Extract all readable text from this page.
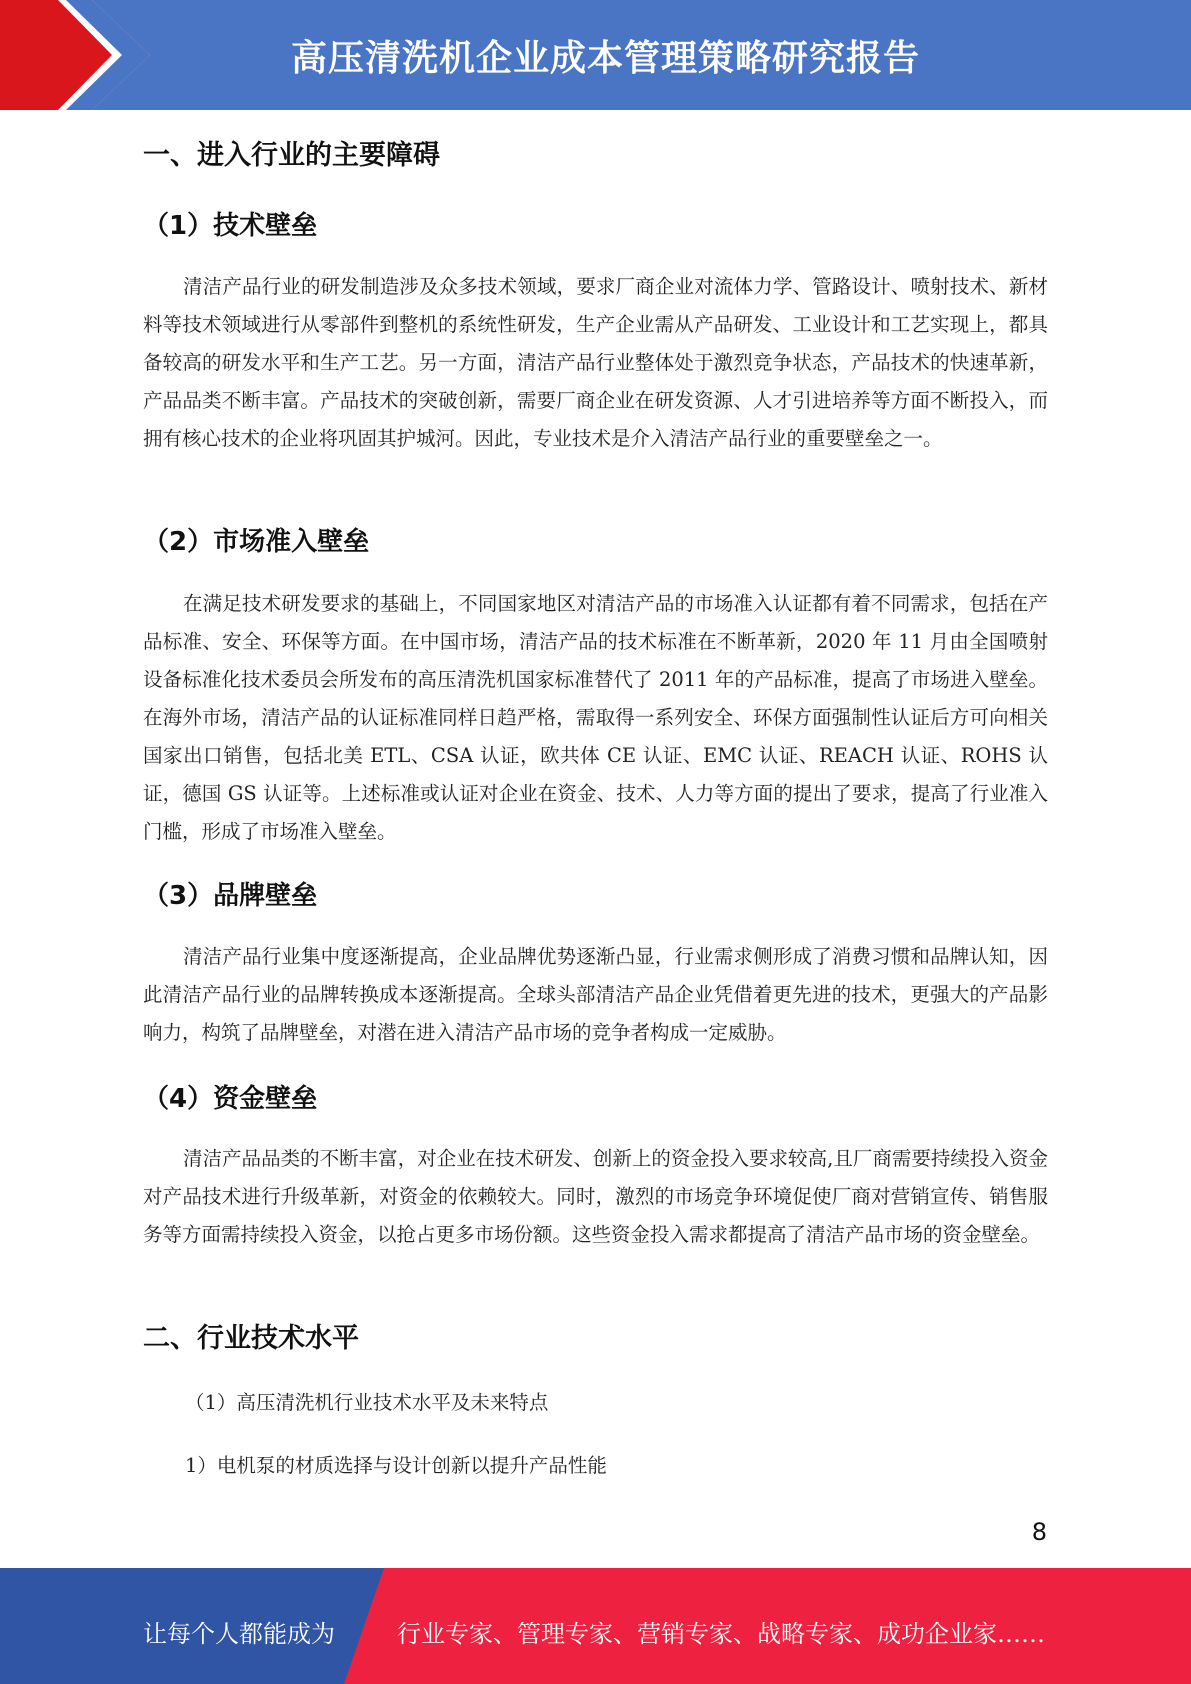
高压清洗机企业成本管理策略研究报告
一、进入行业的主要障碍
（1）技术壁垒

清洁产品行业的研发制造涉及众多技术领域，要求厂商企业对流体力学、管路设计、喷射技术、新材料等技术领域进行从零部件到整机的系统性研发，生产企业需从产品研发、工业设计和工艺实现上，都具备较高的研发水平和生产工艺。另一方面，清洁产品行业整体处于激烈竞争状态，产品技术的快速革新，产品品类不断丰富。产品技术的突破创新，需要厂商企业在研发资源、人才引进培养等方面不断投入，而拥有核心技术的企业将巩固其护城河。因此，专业技术是介入清洁产品行业的重要壁垒之一。

（2）市场准入壁垒

在满足技术研发要求的基础上，不同国家地区对清洁产品的市场准入认证都有着不同需求，包括在产品标准、安全、环保等方面。在中国市场，清洁产品的技术标准在不断革新，2020 年 11 月由全国喷射设备标准化技术委员会所发布的高压清洗机国家标准替代了 2011 年的产品标准，提高了市场进入壁垒。在海外市场，清洁产品的认证标准同样日趋严格，需取得一系列安全、环保方面强制性认证后方可向相关国家出口销售，包括北美 ETL、CSA 认证，欧共体 CE 认证、EMC 认证、REACH 认证、ROHS 认证，德国 GS 认证等。上述标准或认证对企业在资金、技术、人力等方面的提出了要求，提高了行业准入门槛，形成了市场准入壁垒。

（3）品牌壁垒

清洁产品行业集中度逐渐提高，企业品牌优势逐渐凸显，行业需求侧形成了消费习惯和品牌认知，因此清洁产品行业的品牌转换成本逐渐提高。全球头部清洁产品企业凭借着更先进的技术，更强大的产品影响力，构筑了品牌壁垒，对潜在进入清洁产品市场的竞争者构成一定威胁。

（4）资金壁垒

清洁产品品类的不断丰富，对企业在技术研发、创新上的资金投入要求较高,且厂商需要持续投入资金对产品技术进行升级革新，对资金的依赖较大。同时，激烈的市场竞争环境促使厂商对营销宣传、销售服务等方面需持续投入资金，以抢占更多市场份额。这些资金投入需求都提高了清洁产品市场的资金壁垒。

二、行业技术水平

（1）高压清洗机行业技术水平及未来特点

1）电机泵的材质选择与设计创新以提升产品性能

8
让每个人都能成为	行业专家、管理专家、营销专家、战略专家、成功企业家……
